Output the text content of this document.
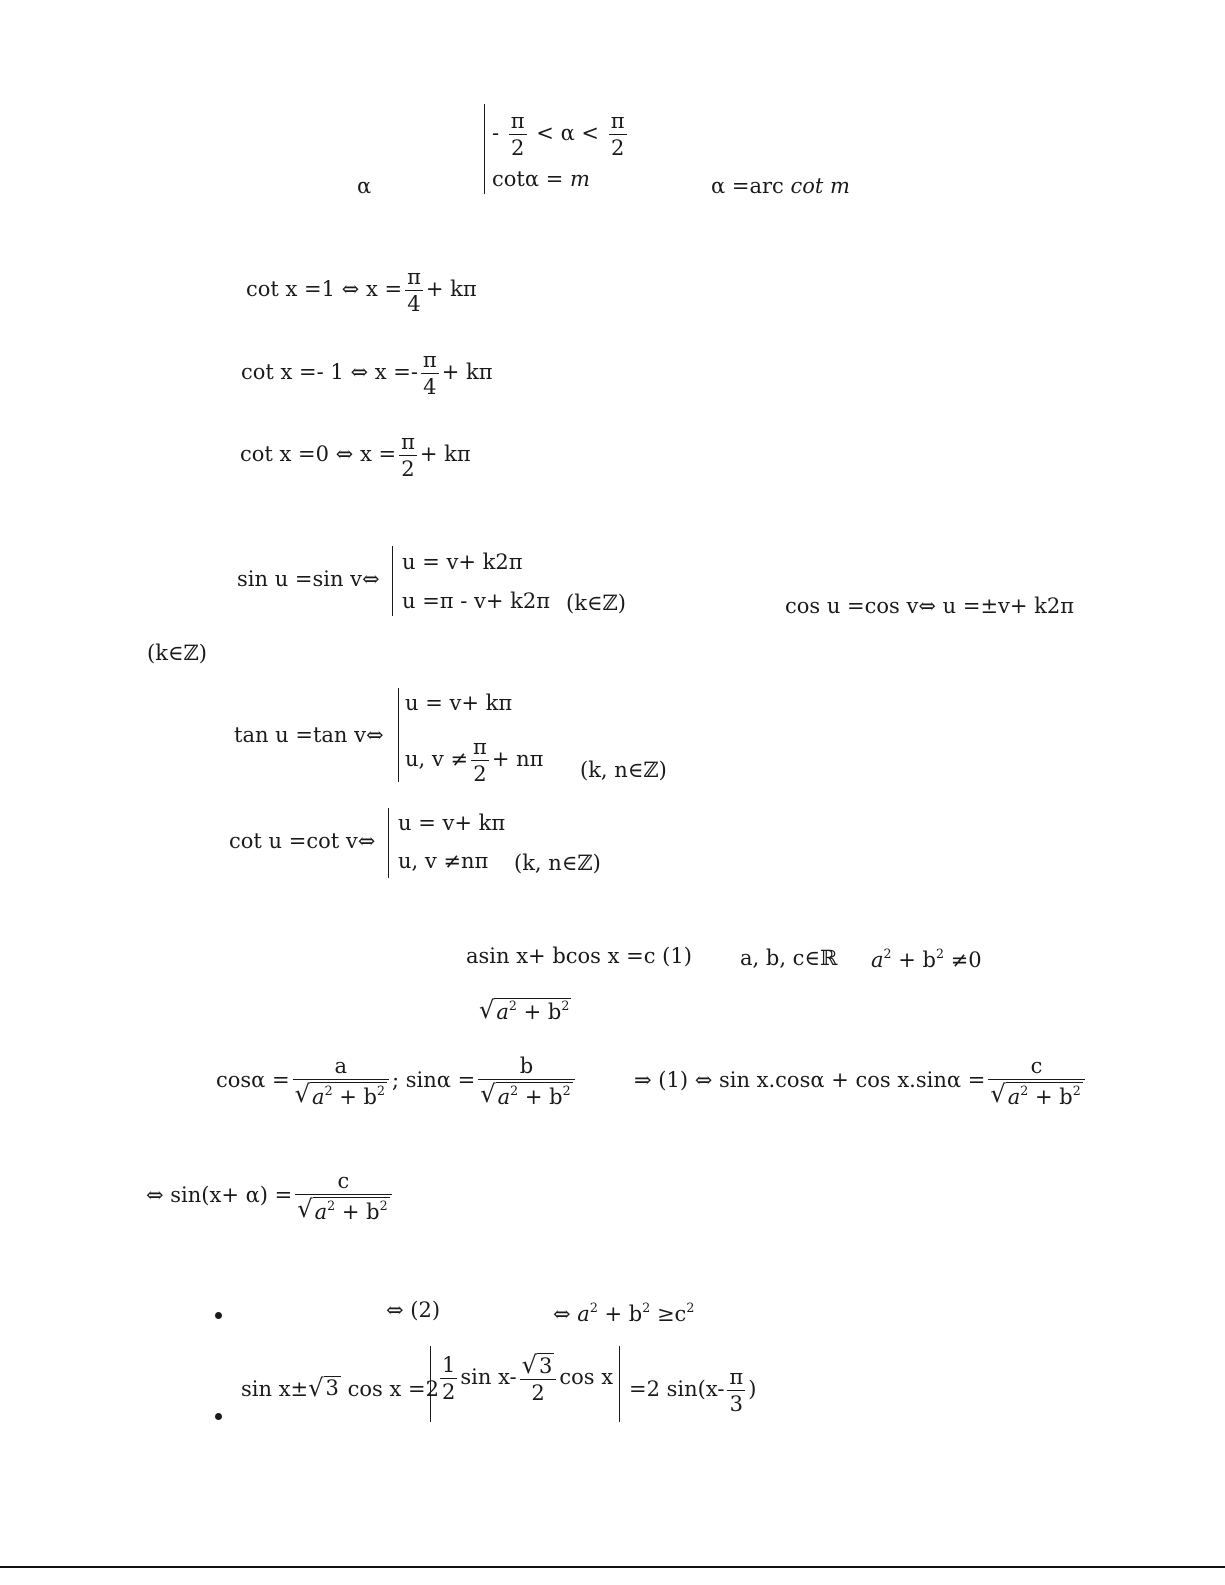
α
- $\frac{\pi}{2} < \alpha < \frac{\pi}{2}$
cotα = m	α =arc cot m
cot x =1 ⇔ $x = \frac{\pi}{4} + k\pi$
cot x =- 1 ⇔ $x =- \frac{\pi}{4} + k\pi$
cot x =0 ⇔ $x = \frac{\pi}{2} + k\pi$
sin u =sin v⇔
u = v+ k2π
u =π - v+ k2π (k∈ℤ)	cos u =cos v⇔ u =±v+ k2π
(k∈ℤ)
tan u =tan v⇔
u = v+ kπ
u, $v \ne \frac{\pi}{2} + n\pi$ (k, n∈ℤ)
cot u =cot v⇔
u = v+ kπ
u, v ≠nπ (k, n∈ℤ)
asin x+ bcos x =c (1) a, b, c∈ℝ $a^2 + b^2 \ne 0$
√ $a^2 + b^2$
$\cos\alpha = \frac{a}{√ a^2 + b^2}$ ; $\sin\alpha = \frac{b}{√ a^2 + b^2}$	⇒ (1) ⇔ $\sin x.\cos\alpha + \cos x.\sin\alpha = \frac{c}{√ a^2 + b^2}$
⇔ $\sin(x+ \alpha) = \frac{c}{√ a^2 + b^2}$
⇔ (2)	⇔ $a^2 + b^2 \ge c^2$
sin x± √ 3 $\cos x =2 \frac{1}{2}$ $\sin x- \frac{√ 3}{2}$ cos x =2 $\sin(x- \frac{\pi}{3}$ )
